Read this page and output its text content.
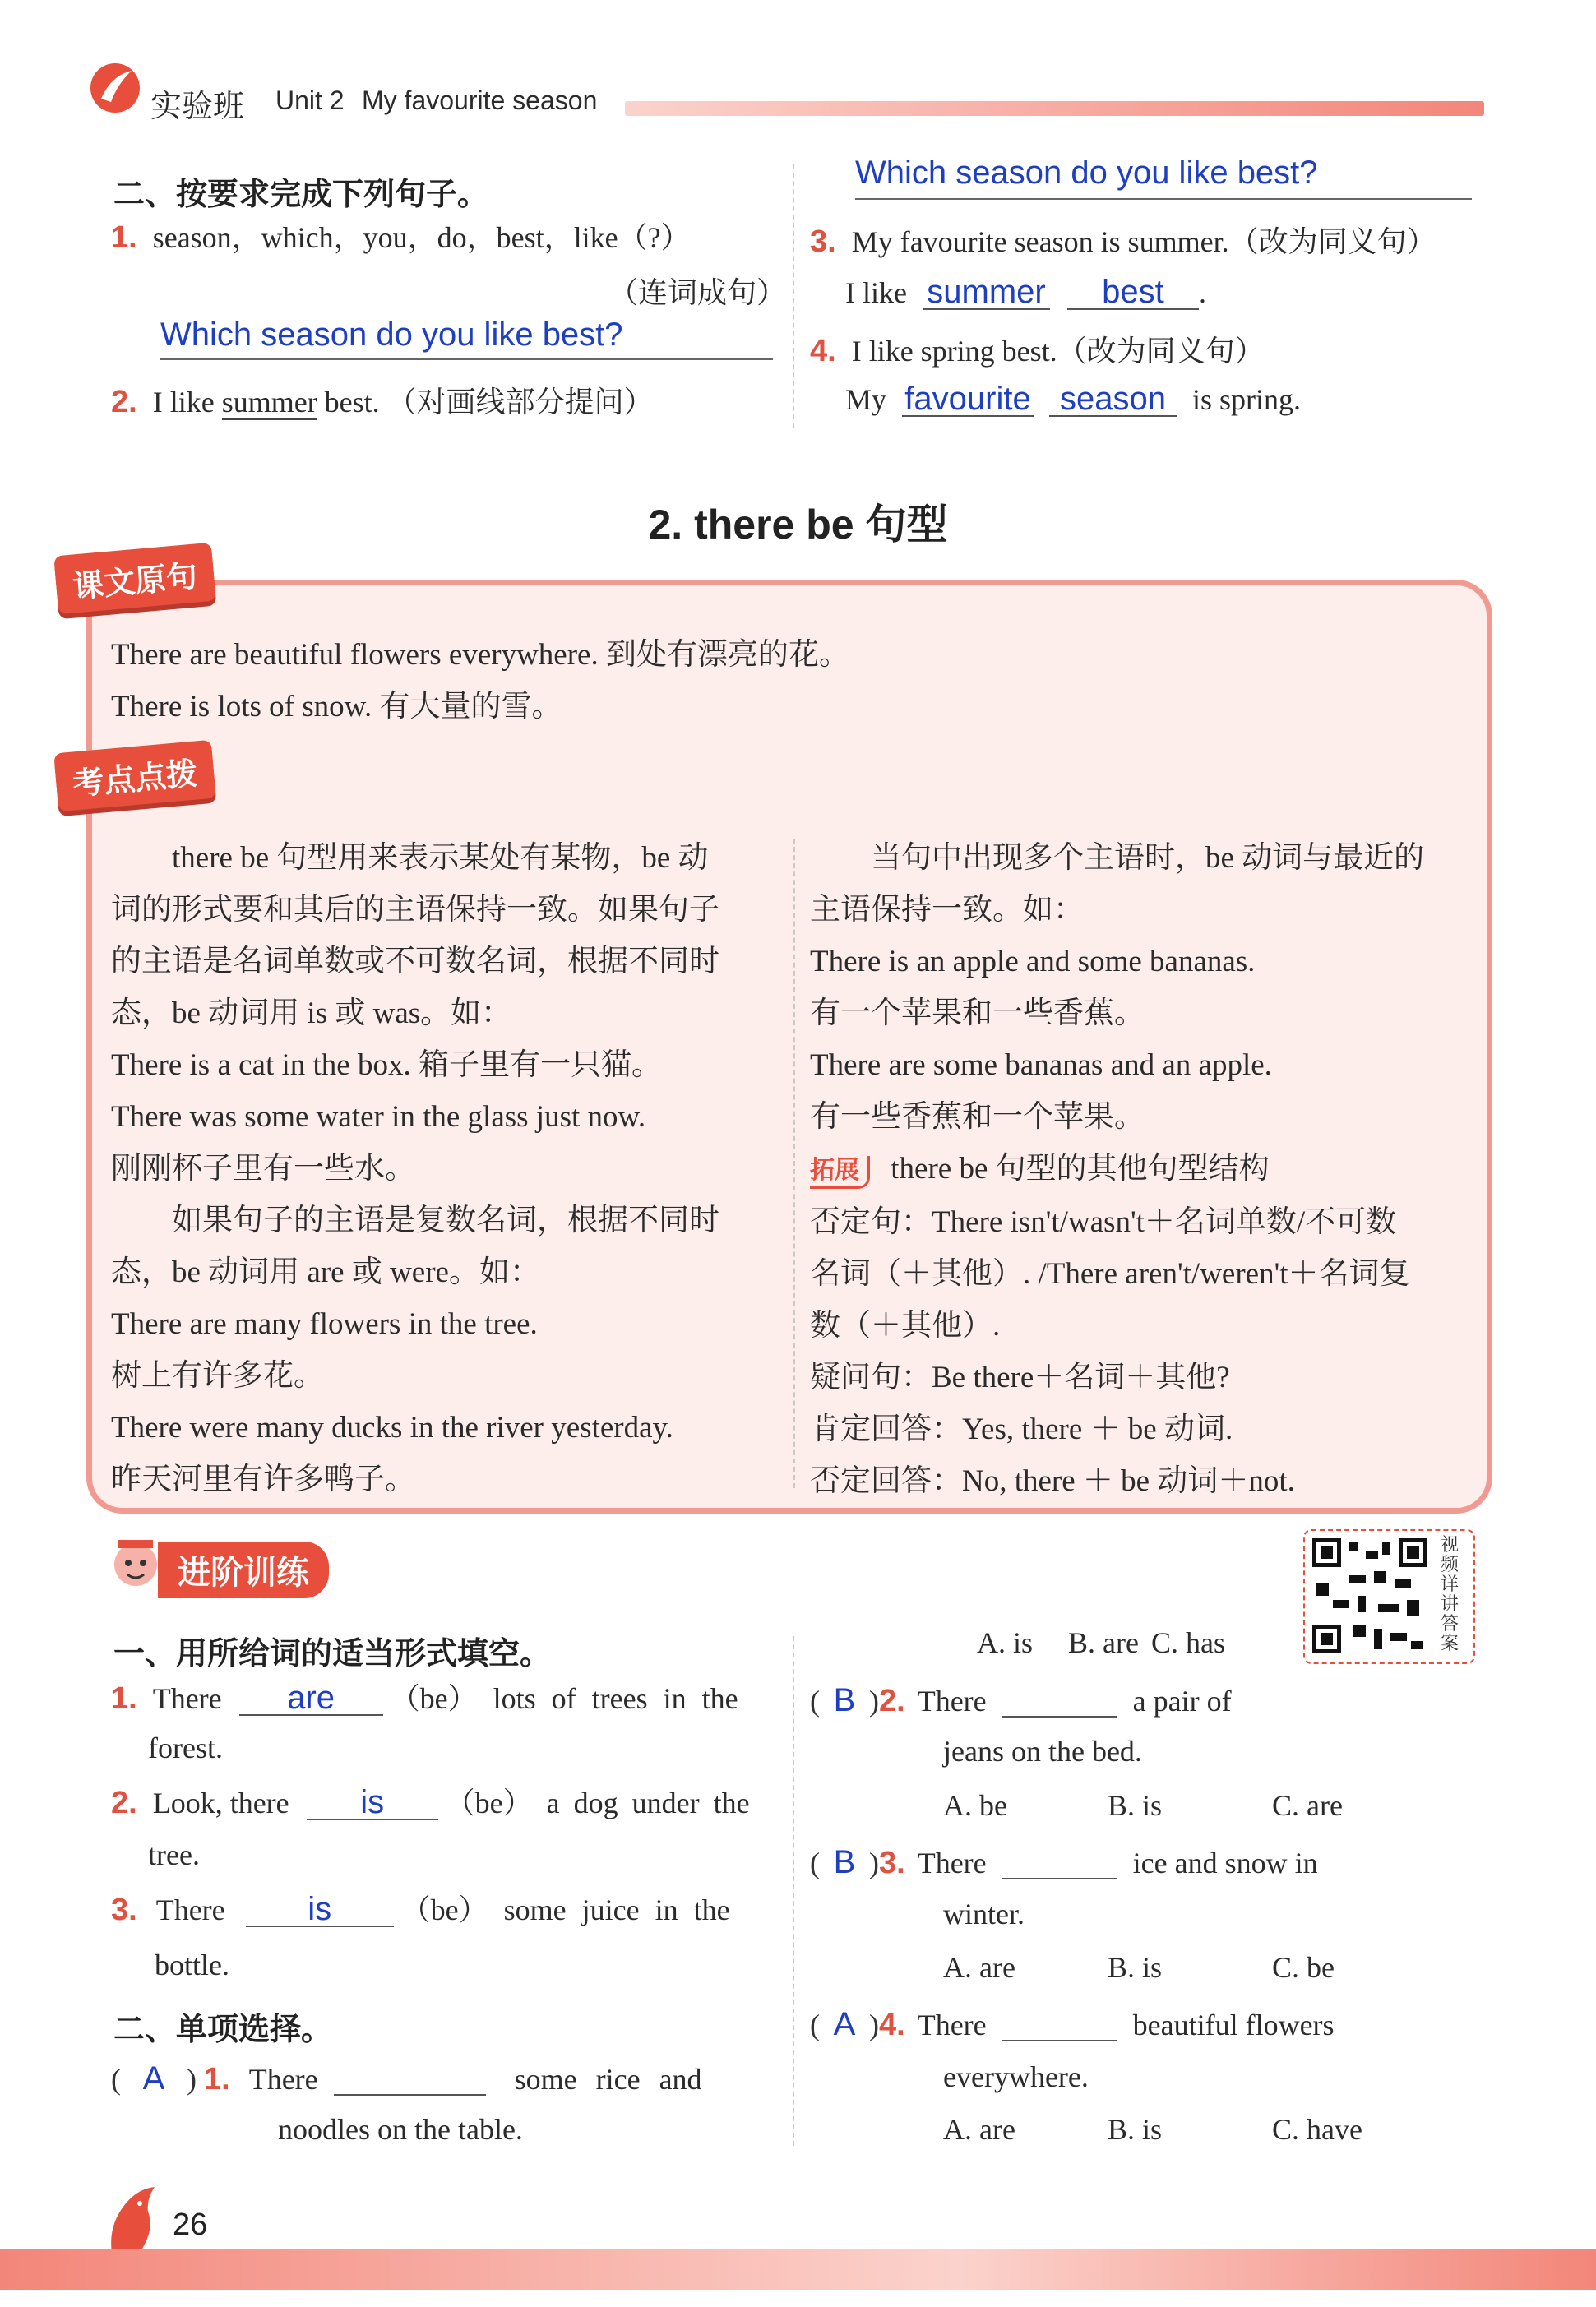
实验班 Unit 2 My favourite season
二、按要求完成下列句子。
1. season，which，you，do，best，like（?）
（连词成句）
Which season do you like best?
2. I like summer best. （对画线部分提问）
Which season do you like best?
3. My favourite season is summer.（改为同义句）
I like summer best .
4. I like spring best.（改为同义句）
My favourite season is spring.
2. there be 句型
课文原句
There are beautiful flowers everywhere. 到处有漂亮的花。
There is lots of snow. 有大量的雪。
考点点拨
　　there be 句型用来表示某处有某物，be 动
词的形式要和其后的主语保持一致。如果句子
的主语是名词单数或不可数名词，根据不同时
态，be 动词用 is 或 was。如：
There is a cat in the box. 箱子里有一只猫。
There was some water in the glass just now.
刚刚杯子里有一些水。
　　如果句子的主语是复数名词，根据不同时
态，be 动词用 are 或 were。如：
There are many flowers in the tree.
树上有许多花。
There were many ducks in the river yesterday.
昨天河里有许多鸭子。
　　当句中出现多个主语时，be 动词与最近的
主语保持一致。如：
There is an apple and some bananas.
有一个苹果和一些香蕉。
There are some bananas and an apple.
有一些香蕉和一个苹果。
拓展 there be 句型的其他句型结构
否定句：There isn't/wasn't＋名词单数/不可数
名词（＋其他）. /There aren't/weren't＋名词复
数（＋其他）.
疑问句：Be there＋名词＋其他?
肯定回答：Yes, there ＋ be 动词.
否定回答：No, there ＋ be 动词＋not.
进阶训练
视频详讲答案
一、用所给词的适当形式填空。
1. There are （be） lots of trees in the
forest.
2. Look, there is （be） a dog under the
tree.
3. There	is （be） some juice in the
bottle.
二、单项选择。
( A ) 1. There	some rice and
noodles on the table.
A. is B. are C. has
( B )2. There	a pair of
jeans on the bed.
A. be	B. is	C. are
( B )3. There	ice and snow in
winter.
A. are	B. is	C. be
( A )4. There	beautiful flowers
everywhere.
A. are	B. is	C. have
26
